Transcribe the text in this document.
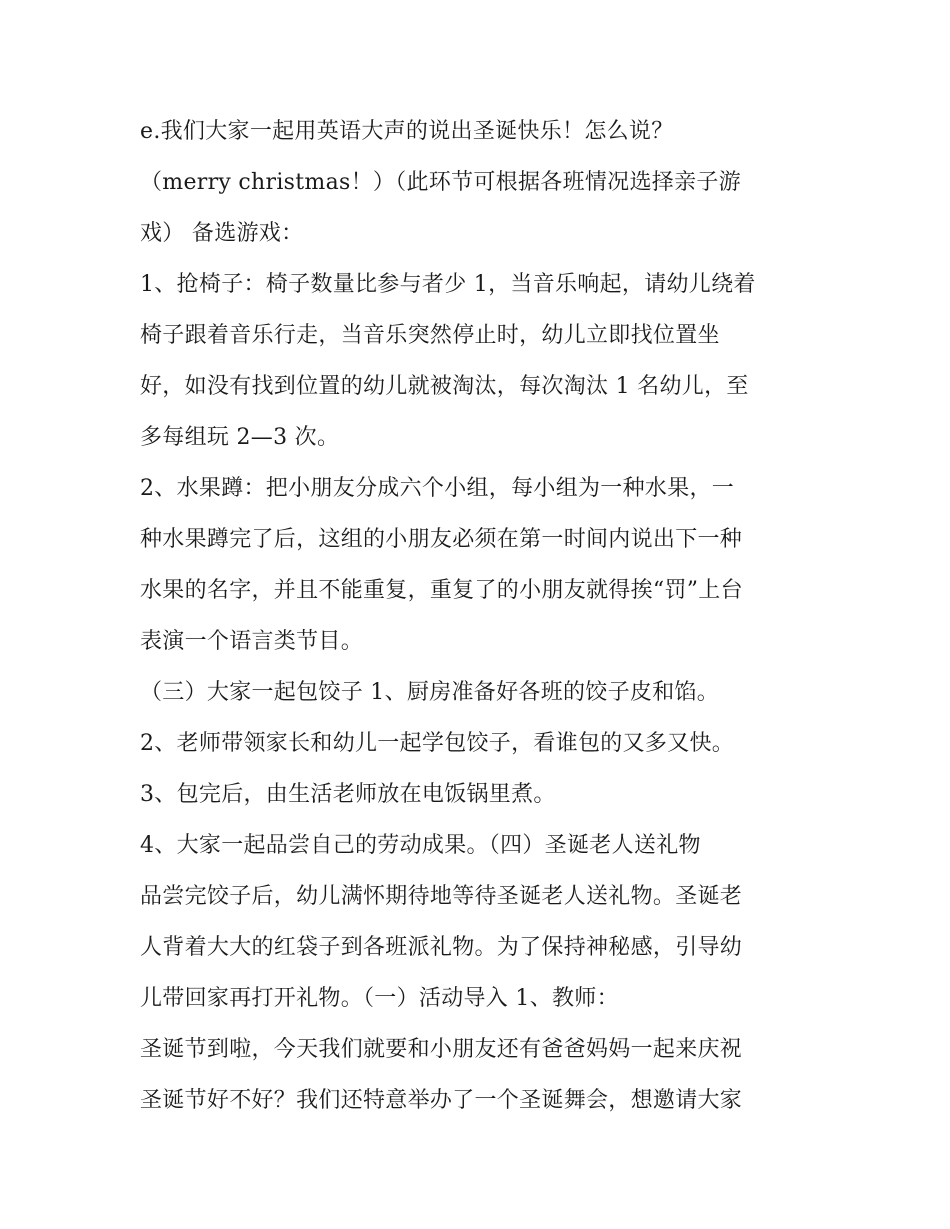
e.我们大家一起用英语大声的说出圣诞快乐！怎么说？
（merry christmas！）（此环节可根据各班情况选择亲子游
戏） 备选游戏：
1、抢椅子：椅子数量比参与者少 1，当音乐响起，请幼儿绕着
椅子跟着音乐行走，当音乐突然停止时，幼儿立即找位置坐
好，如没有找到位置的幼儿就被淘汰，每次淘汰 1 名幼儿，至
多每组玩 2—3 次。
2、水果蹲：把小朋友分成六个小组，每小组为一种水果，一
种水果蹲完了后，这组的小朋友必须在第一时间内说出下一种
水果的名字，并且不能重复，重复了的小朋友就得挨“罚”上台
表演一个语言类节目。
（三）大家一起包饺子 1、厨房准备好各班的饺子皮和馅。
2、老师带领家长和幼儿一起学包饺子，看谁包的又多又快。
3、包完后，由生活老师放在电饭锅里煮。
4、大家一起品尝自己的劳动成果。（四）圣诞老人送礼物
品尝完饺子后，幼儿满怀期待地等待圣诞老人送礼物。圣诞老
人背着大大的红袋子到各班派礼物。为了保持神秘感，引导幼
儿带回家再打开礼物。（一）活动导入 1、教师：
圣诞节到啦，今天我们就要和小朋友还有爸爸妈妈一起来庆祝
圣诞节好不好？我们还特意举办了一个圣诞舞会，想邀请大家
